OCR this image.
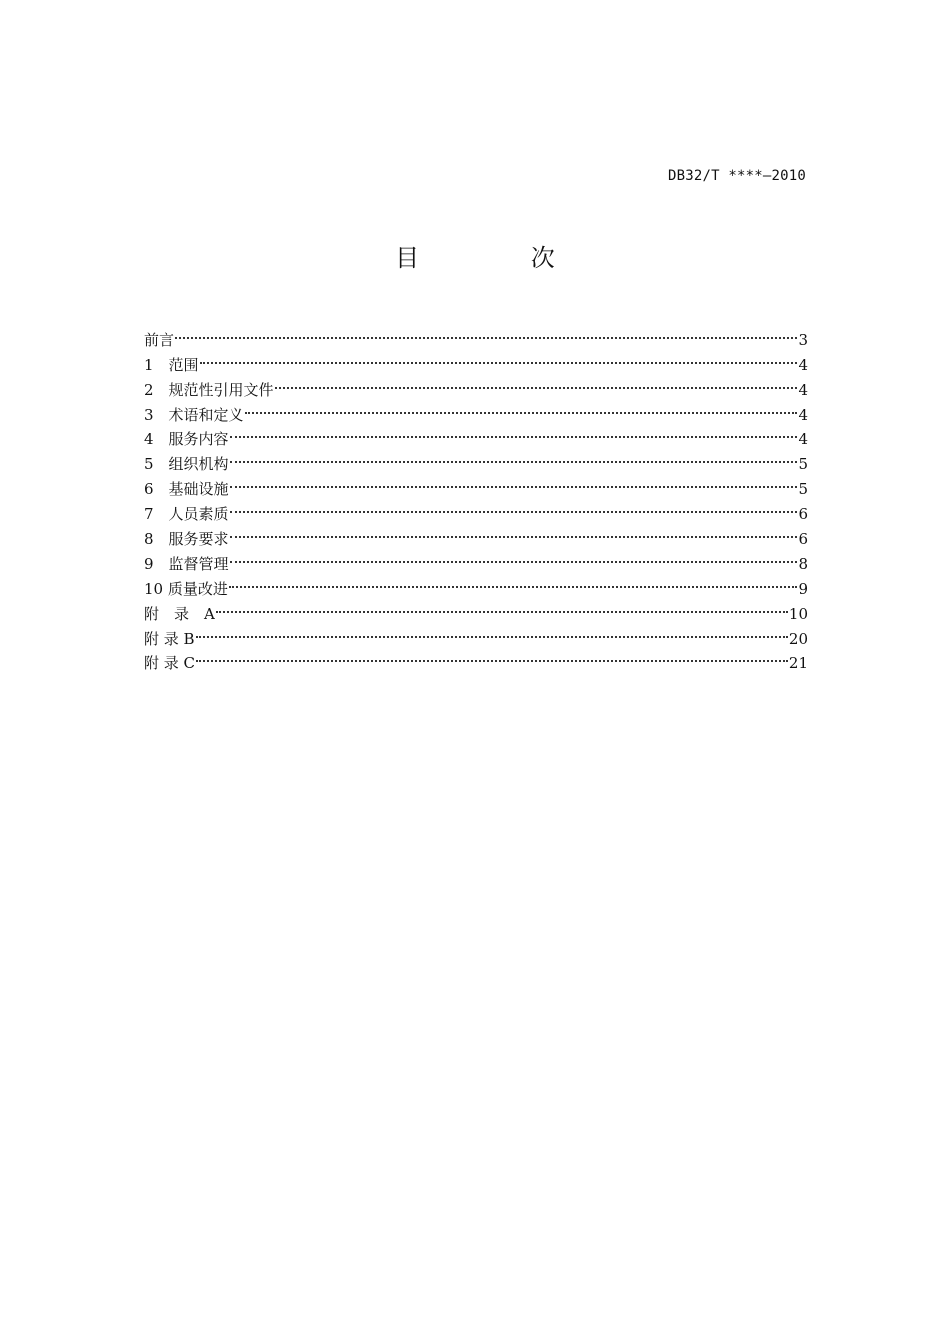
DB32/T ****—2010
目 次
前言	3
1　范围	4
2　规范性引用文件	4
3　术语和定义	4
4　服务内容	4
5　组织机构	5
6　基础设施	5
7　人员素质	6
8　服务要求	6
9　监督管理	8
10 质量改进	9
附　录　A	10
附 录 B	20
附 录 C	21
